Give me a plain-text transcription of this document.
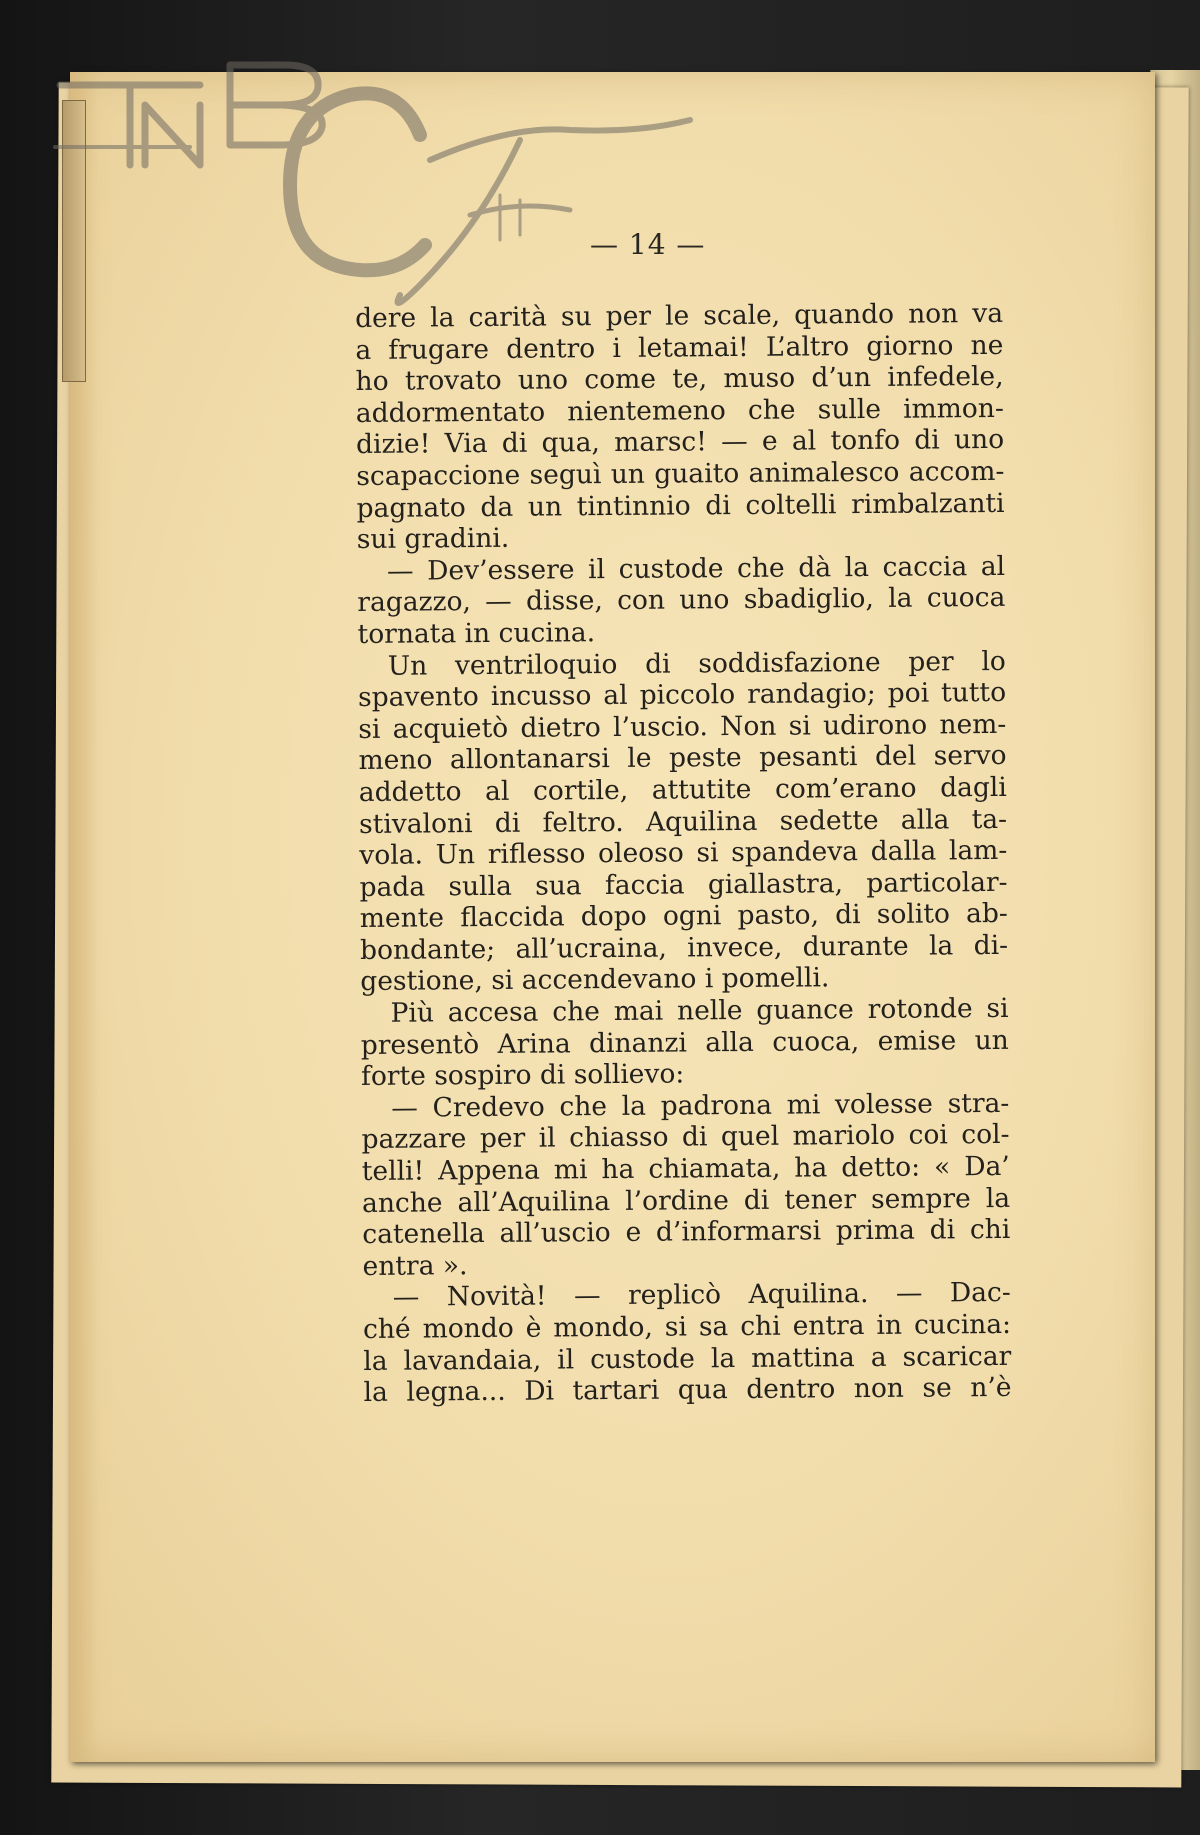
BNCF
— 14 —
dere la carità su per le scale, quando non va
a frugare dentro i letamai! L’altro giorno ne
ho trovato uno come te, muso d’un infedele,
addormentato nientemeno che sulle immon-
dizie! Via di qua, marsc! — e al tonfo di uno
scapaccione seguì un guaito animalesco accom-
pagnato da un tintinnio di coltelli rimbalzanti
sui gradini.
— Dev’essere il custode che dà la caccia al
ragazzo, — disse, con uno sbadiglio, la cuoca
tornata in cucina.
Un ventriloquio di soddisfazione per lo
spavento incusso al piccolo randagio; poi tutto
si acquietò dietro l’uscio. Non si udirono nem-
meno allontanarsi le peste pesanti del servo
addetto al cortile, attutite com’erano dagli
stivaloni di feltro. Aquilina sedette alla ta-
vola. Un riflesso oleoso si spandeva dalla lam-
pada sulla sua faccia giallastra, particolar-
mente flaccida dopo ogni pasto, di solito ab-
bondante; all’ucraina, invece, durante la di-
gestione, si accendevano i pomelli.
Più accesa che mai nelle guance rotonde si
presentò Arina dinanzi alla cuoca, emise un
forte sospiro di sollievo:
— Credevo che la padrona mi volesse stra-
pazzare per il chiasso di quel mariolo coi col-
telli! Appena mi ha chiamata, ha detto: « Da’
anche all’Aquilina l’ordine di tener sempre la
catenella all’uscio e d’informarsi prima di chi
entra ».
— Novità! — replicò Aquilina. — Dac-
ché mondo è mondo, si sa chi entra in cucina:
la lavandaia, il custode la mattina a scaricar
la legna... Di tartari qua dentro non se n’è
